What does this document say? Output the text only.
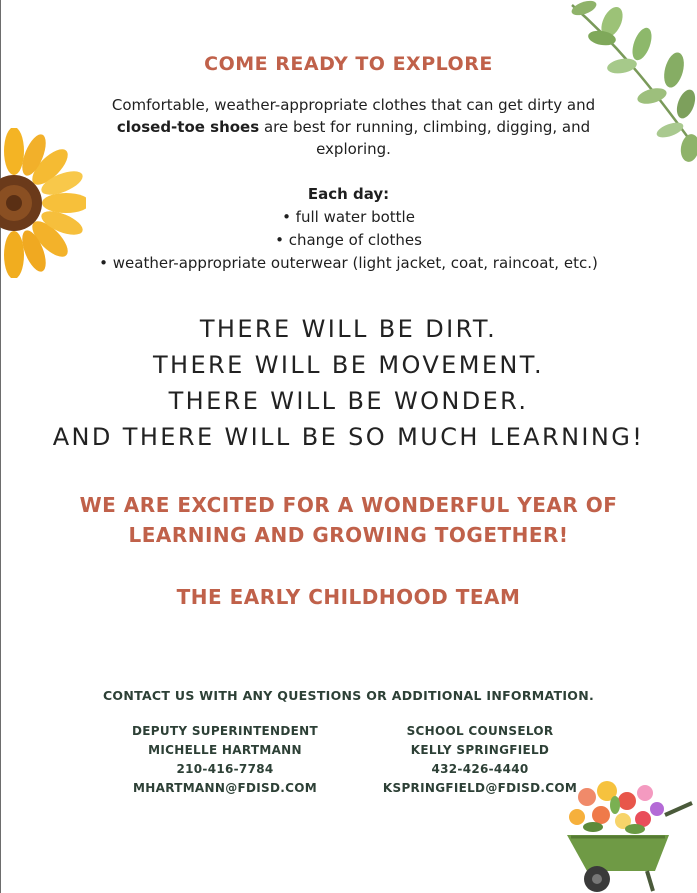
COME READY TO EXPLORE
Comfortable, weather-appropriate clothes that can get dirty and
closed-toe shoes are best for running, climbing, digging, and
exploring.
Each day:
• full water bottle
• change of clothes
• weather-appropriate outerwear (light jacket, coat, raincoat, etc.)
THERE WILL BE DIRT.
THERE WILL BE MOVEMENT.
THERE WILL BE WONDER.
AND THERE WILL BE SO MUCH LEARNING!
WE ARE EXCITED FOR A WONDERFUL YEAR OF
LEARNING AND GROWING TOGETHER!
THE EARLY CHILDHOOD TEAM
CONTACT US WITH ANY QUESTIONS OR ADDITIONAL INFORMATION.
DEPUTY SUPERINTENDENT
MICHELLE HARTMANN
210-416-7784
MHARTMANN@FDISD.COM
SCHOOL COUNSELOR
KELLY SPRINGFIELD
432-426-4440
KSPRINGFIELD@FDISD.COM
